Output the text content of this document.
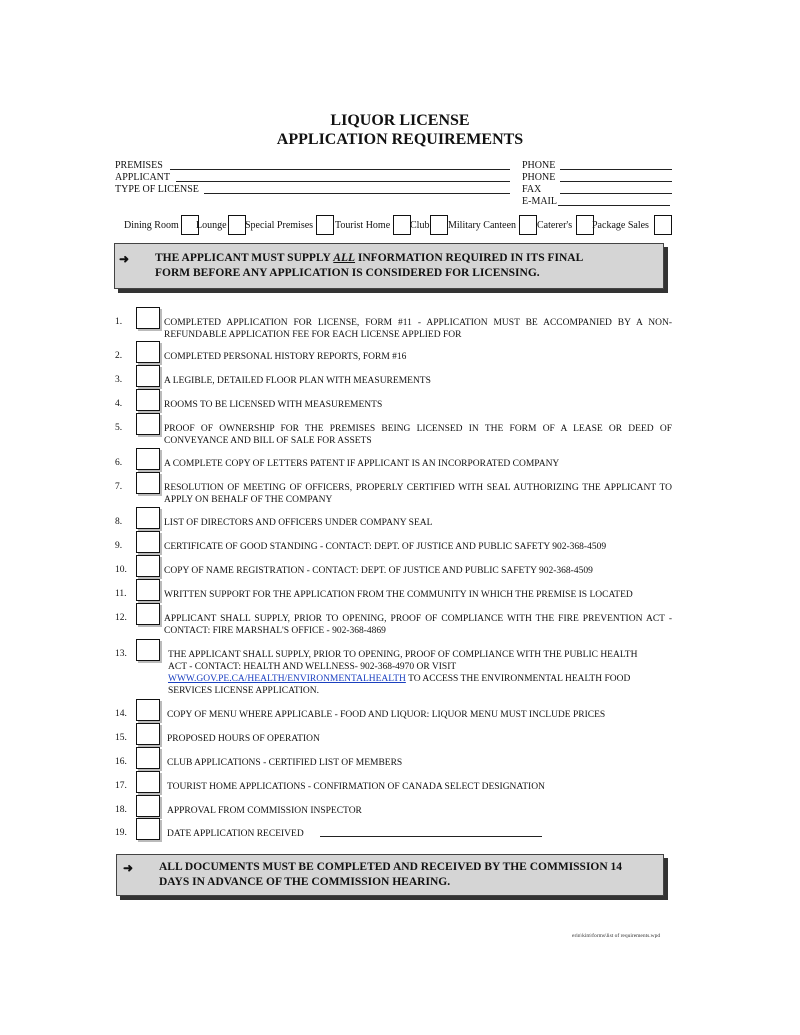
LIQUOR LICENSE
APPLICATION REQUIREMENTS
PREMISES
APPLICANT
TYPE OF LICENSE
PHONE
PHONE
FAX
E-MAIL
Dining Room Lounge Special Premises Tourist Home Club Military Canteen Caterer's Package Sales
➜ THE APPLICANT MUST SUPPLY ALL INFORMATION REQUIRED IN ITS FINAL
FORM BEFORE ANY APPLICATION IS CONSIDERED FOR LICENSING.
1.	COMPLETED APPLICATION FOR LICENSE, FORM #11 - APPLICATION MUST BE ACCOMPANIED BY A NON-REFUNDABLE APPLICATION FEE FOR EACH LICENSE APPLIED FOR
2.	COMPLETED PERSONAL HISTORY REPORTS, FORM #16
3.	A LEGIBLE, DETAILED FLOOR PLAN WITH MEASUREMENTS
4.	ROOMS TO BE LICENSED WITH MEASUREMENTS
5.	PROOF OF OWNERSHIP FOR THE PREMISES BEING LICENSED IN THE FORM OF A LEASE OR DEED OF CONVEYANCE AND BILL OF SALE FOR ASSETS
6.	A COMPLETE COPY OF LETTERS PATENT IF APPLICANT IS AN INCORPORATED COMPANY
7.	RESOLUTION OF MEETING OF OFFICERS, PROPERLY CERTIFIED WITH SEAL AUTHORIZING THE APPLICANT TO APPLY ON BEHALF OF THE COMPANY
8.	LIST OF DIRECTORS AND OFFICERS UNDER COMPANY SEAL
9.	CERTIFICATE OF GOOD STANDING - CONTACT: DEPT. OF JUSTICE AND PUBLIC SAFETY 902-368-4509
10.	COPY OF NAME REGISTRATION - CONTACT: DEPT. OF JUSTICE AND PUBLIC SAFETY 902-368-4509
11.	WRITTEN SUPPORT FOR THE APPLICATION FROM THE COMMUNITY IN WHICH THE PREMISE IS LOCATED
12.	APPLICANT SHALL SUPPLY, PRIOR TO OPENING, PROOF OF COMPLIANCE WITH THE FIRE PREVENTION ACT - CONTACT: FIRE MARSHAL'S OFFICE - 902-368-4869
13.	THE APPLICANT SHALL SUPPLY, PRIOR TO OPENING, PROOF OF COMPLIANCE WITH THE PUBLIC HEALTH ACT - CONTACT: HEALTH AND WELLNESS- 902-368-4970 OR VISIT WWW.GOV.PE.CA/HEALTH/ENVIRONMENTALHEALTH TO ACCESS THE ENVIRONMENTAL HEALTH FOOD SERVICES LICENSE APPLICATION.
14.	COPY OF MENU WHERE APPLICABLE - FOOD AND LIQUOR: LIQUOR MENU MUST INCLUDE PRICES
15.	PROPOSED HOURS OF OPERATION
16.	CLUB APPLICATIONS - CERTIFIED LIST OF MEMBERS
17.	TOURIST HOME APPLICATIONS - CONFIRMATION OF CANADA SELECT DESIGNATION
18.	APPROVAL FROM COMMISSION INSPECTOR
19.	DATE APPLICATION RECEIVED
➜ ALL DOCUMENTS MUST BE COMPLETED AND RECEIVED BY THE COMMISSION 14
DAYS IN ADVANCE OF THE COMMISSION HEARING.
erin\kim\forms\list of requirements.wpd
